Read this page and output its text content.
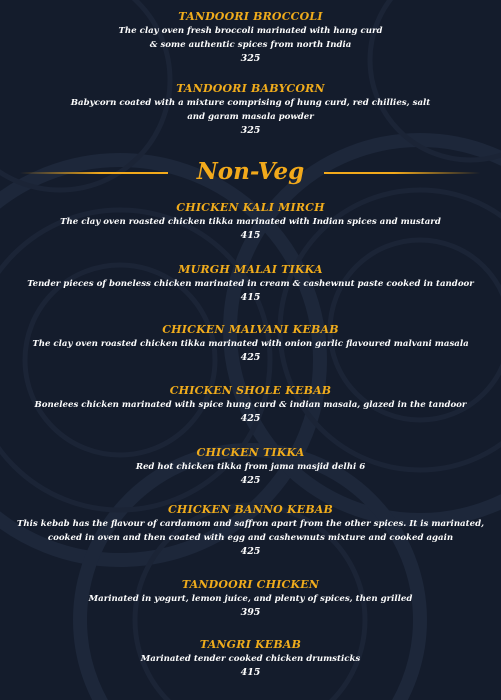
TANDOORI BROCCOLI
The clay oven fresh broccoli marinated with hang curd
& some authentic spices from north India
325
TANDOORI BABYCORN
Babycorn coated with a mixture comprising of hung curd, red chillies, salt
and garam masala powder
325
Non-Veg
CHICKEN KALI MIRCH
The clay oven roasted chicken tikka marinated with Indian spices and mustard
415
MURGH MALAI TIKKA
Tender pieces of boneless chicken marinated in cream & cashewnut paste cooked in tandoor
415
CHICKEN MALVANI KEBAB
The clay oven roasted chicken tikka marinated with onion garlic flavoured malvani masala
425
CHICKEN SHOLE KEBAB
Bonelees chicken marinated with spice hung curd & indian masala, glazed in the tandoor
425
CHICKEN TIKKA
Red hot chicken tikka from jama masjid delhi 6
425
CHICKEN BANNO KEBAB
This kebab has the flavour of cardamom and saffron apart from the other spices. It is marinated,
cooked in oven and then coated with egg and cashewnuts mixture and cooked again
425
TANDOORI CHICKEN
Marinated in yogurt, lemon juice, and plenty of spices, then grilled
395
TANGRI KEBAB
Marinated tender cooked chicken drumsticks
415
